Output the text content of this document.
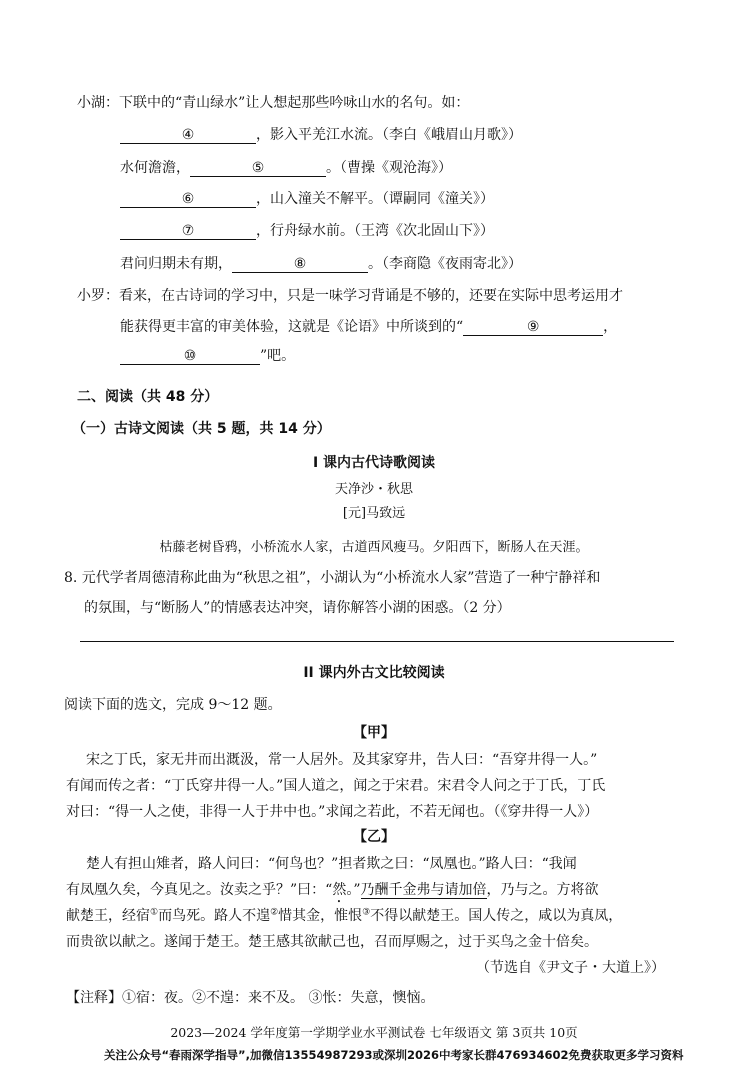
小湖：下联中的“青山绿水”让人想起那些吟咏山水的名句。如：
④	，影入平羌江水流。（李白《峨眉山月歌》）
水何澹澹，	⑤	。（曹操《观沧海》）
⑥	，山入潼关不解平。（谭嗣同《潼关》）
⑦	，行舟绿水前。（王湾《次北固山下》）
君问归期未有期，	⑧	。（李商隐《夜雨寄北》）
小罗：看来，在古诗词的学习中，只是一味学习背诵是不够的，还要在实际中思考运用才
能获得更丰富的审美体验，这就是《论语》中所谈到的“	⑨	，
⑩	”吧。
二、阅读（共 48 分）
（一）古诗文阅读（共 5 题，共 14 分）
I 课内古代诗歌阅读
天净沙・秋思
[元]马致远
枯藤老树昏鸦，小桥流水人家，古道西风瘦马。夕阳西下，断肠人在天涯。
8. 元代学者周德清称此曲为“秋思之祖”，小湖认为“小桥流水人家”营造了一种宁静祥和
的氛围，与“断肠人”的情感表达冲突，请你解答小湖的困惑。（2 分）
II 课内外古文比较阅读
阅读下面的选文，完成 9～12 题。
【甲】
宋之丁氏，家无井而出溉汲，常一人居外。及其家穿井，告人曰：“吾穿井得一人。”
有闻而传之者：“丁氏穿井得一人。”国人道之，闻之于宋君。宋君令人问之于丁氏，丁氏
对曰：“得一人之使，非得一人于井中也。”求闻之若此，不若无闻也。（《穿井得一人》）
【乙】
楚人有担山雉者，路人问曰：“何鸟也？”担者欺之曰：“凤凰也。”路人曰：“我闻
有凤凰久矣，今真见之。汝卖之乎？”曰：“然。”乃酬千金弗与请加倍，乃与之。方将欲
献楚王，经宿①而鸟死。路人不遑②惜其金，惟恨③不得以献楚王。国人传之，咸以为真凤，
而贵欲以献之。遂闻于楚王。楚王感其欲献己也，召而厚赐之，过于买鸟之金十倍矣。
（节选自《尹文子・大道上》）
【注释】①宿：夜。②不遑：来不及。 ③怅：失意，懊恼。
2023—2024 学年度第一学期学业水平测试卷 七年级语文 第 3页共 10页
关注公众号“春雨深学指导”,加微信13554987293或深圳2026中考家长群476934602免费获取更多学习资料
